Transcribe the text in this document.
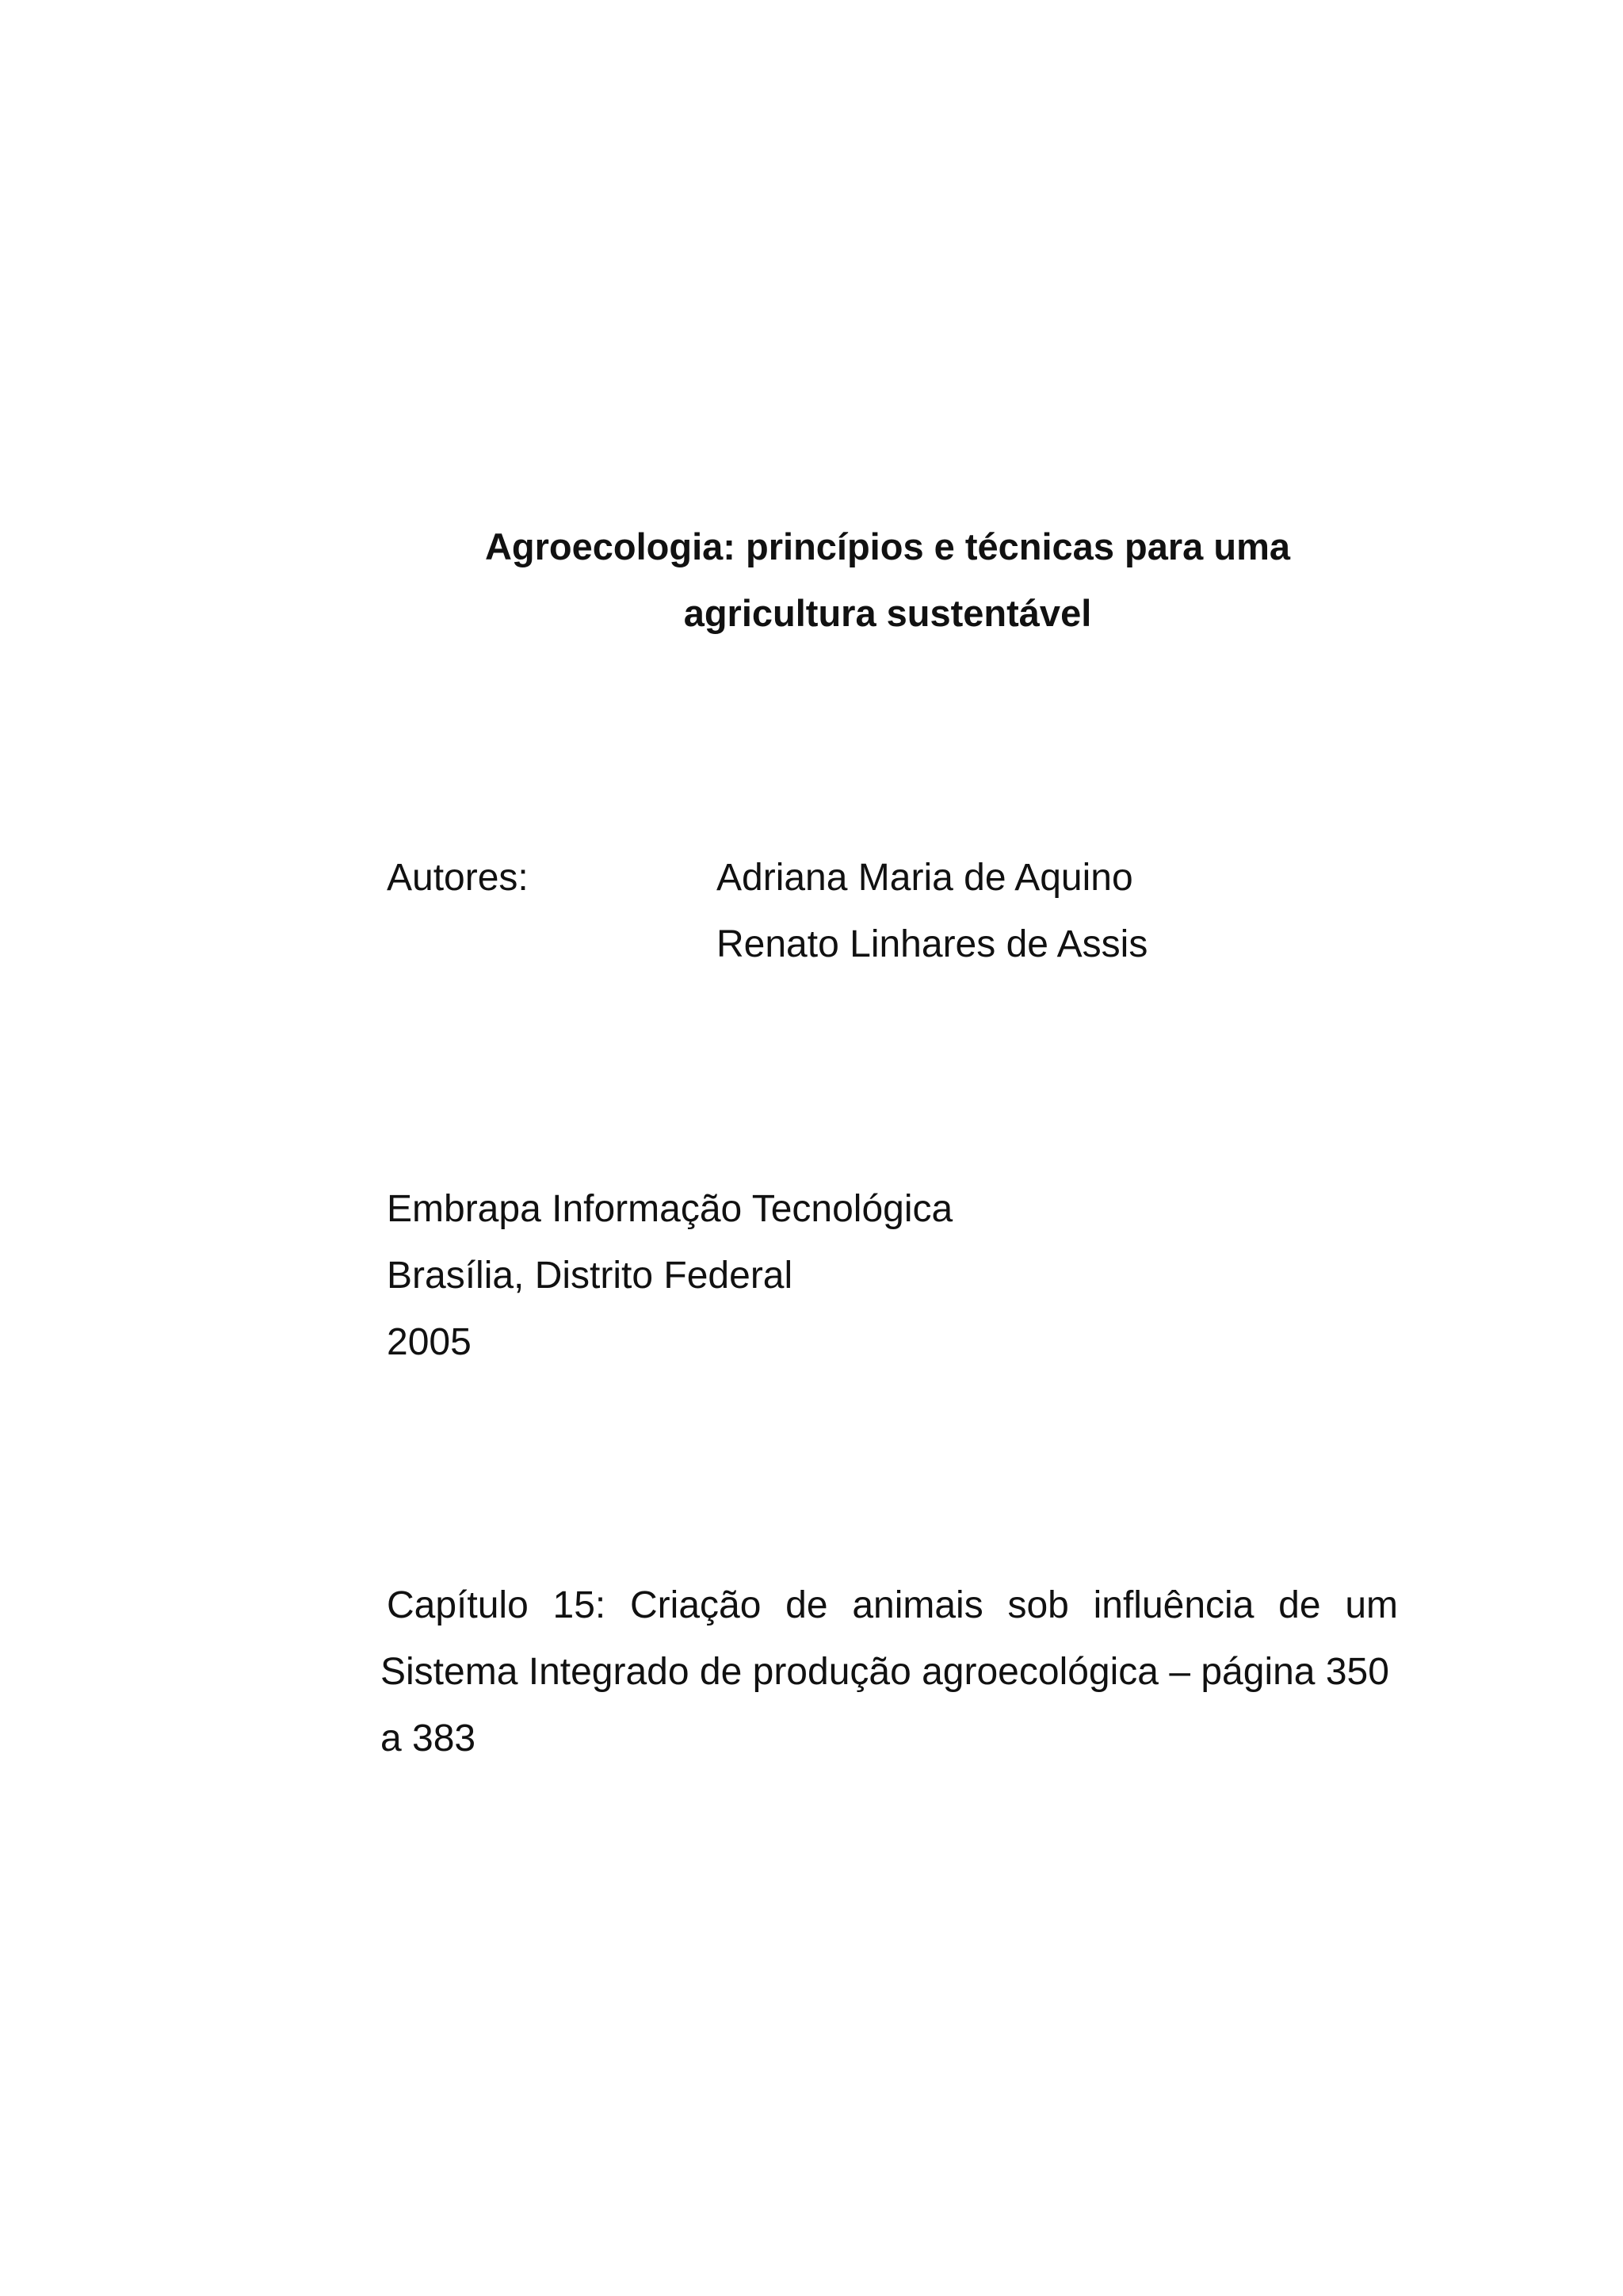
Agroecologia: princípios e técnicas para uma
agricultura sustentável
Autores:	Adriana Maria de Aquino
Renato Linhares de Assis
Embrapa Informação Tecnológica
Brasília, Distrito Federal
2005
Capítulo 15: Criação de animais sob influência de um
Sistema Integrado de produção agroecológica – página 350
a 383
